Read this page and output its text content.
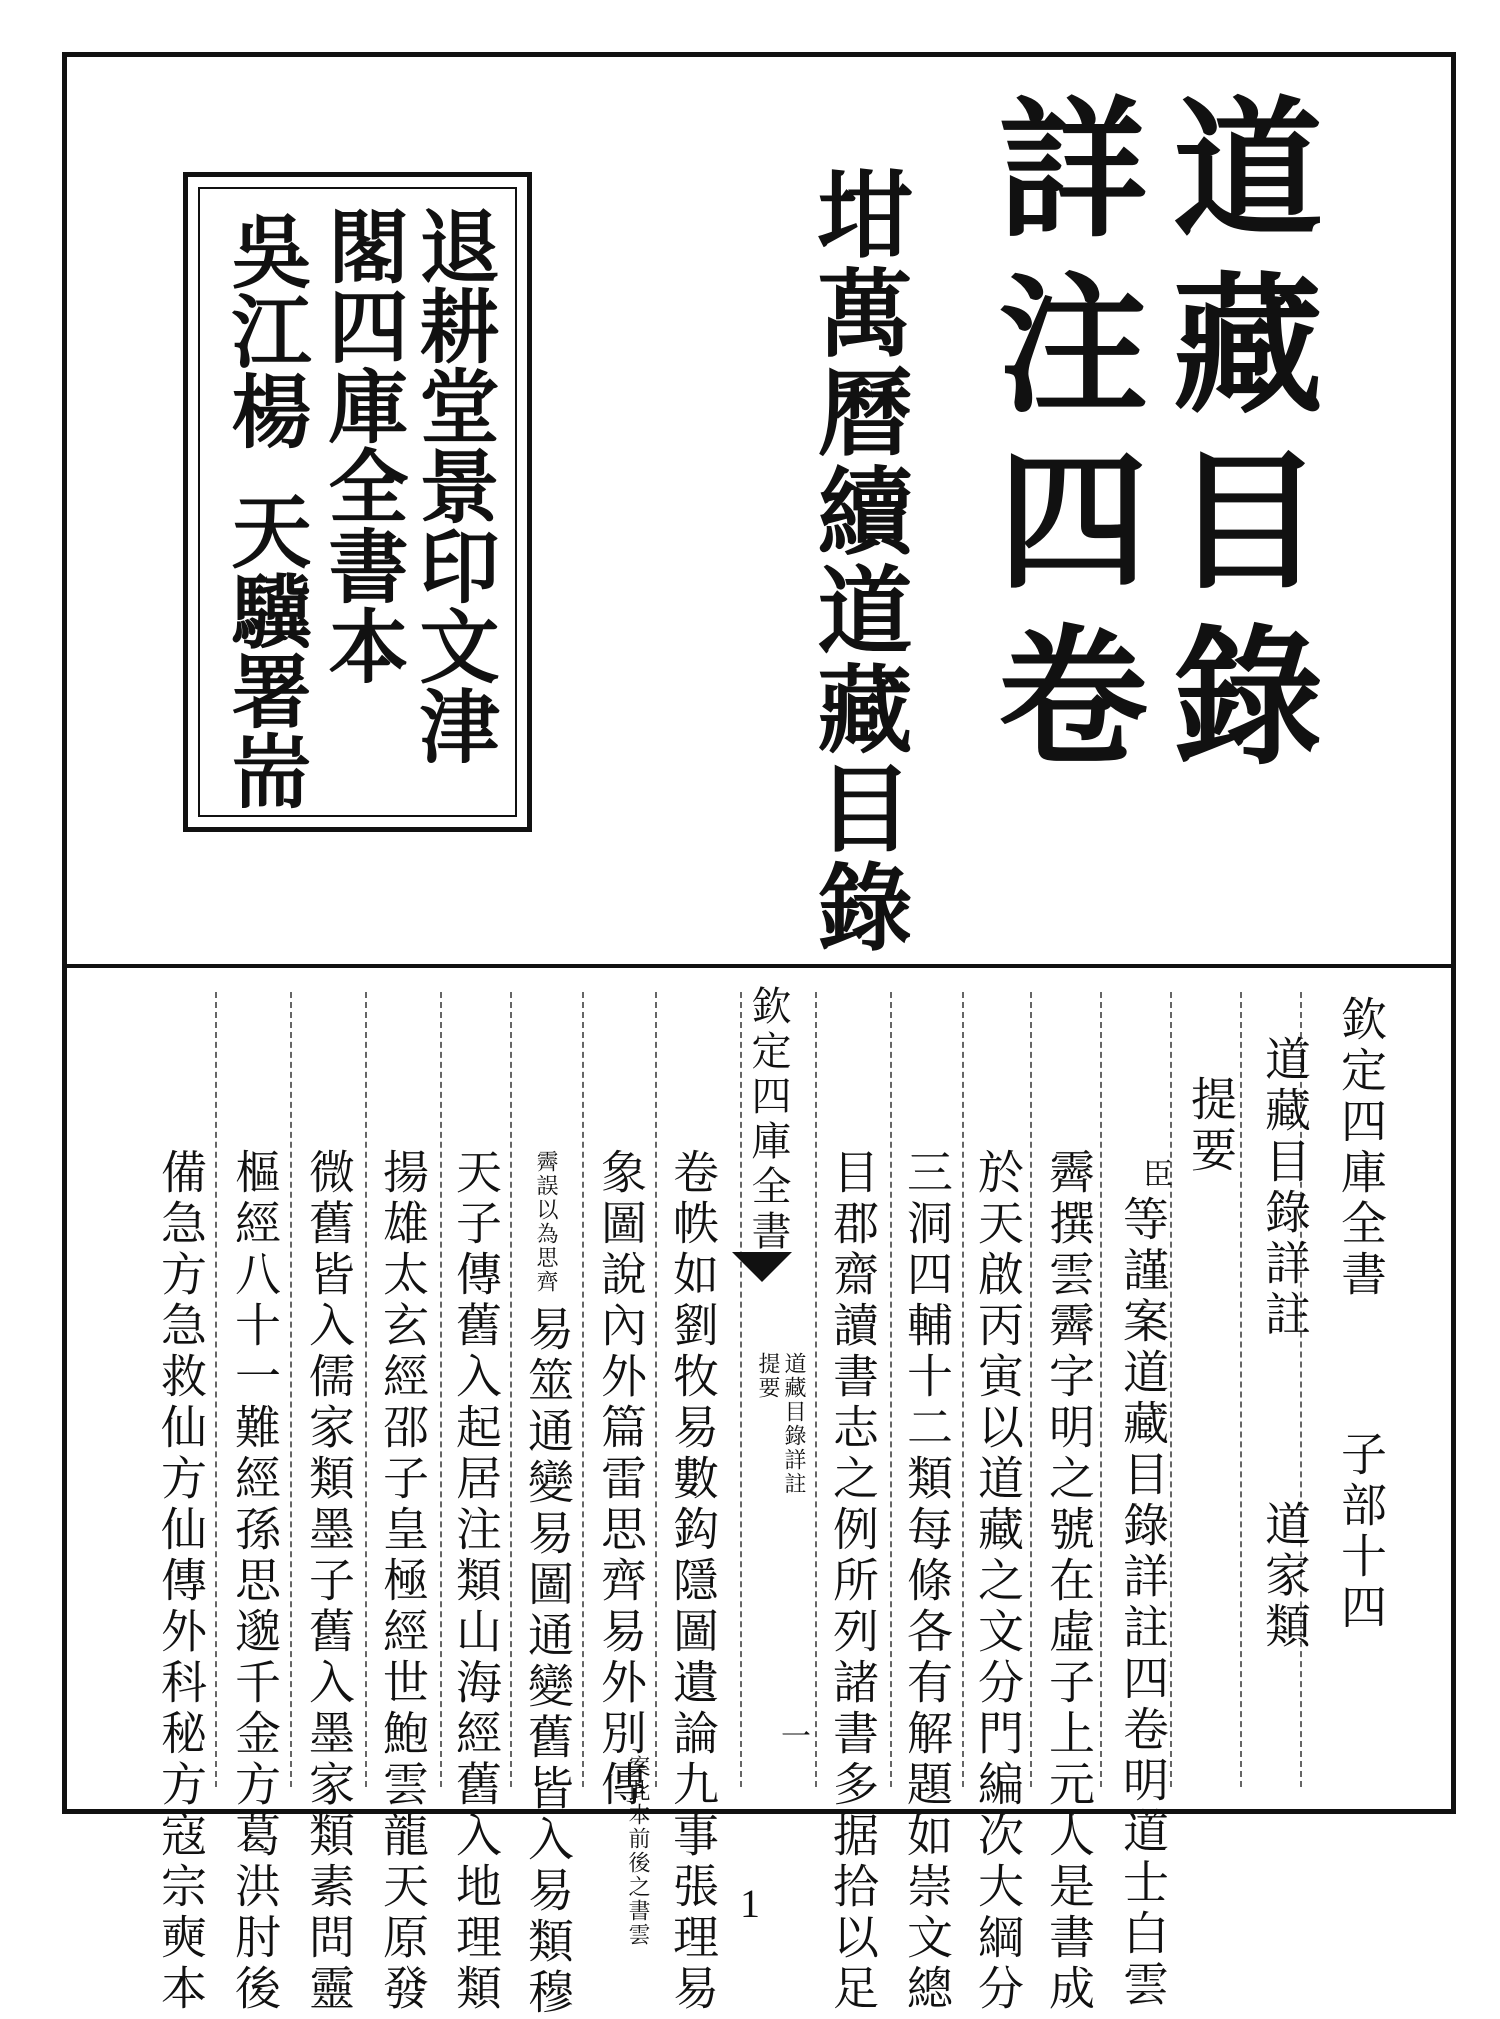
道藏目錄
詳注四卷
坩萬曆續道藏目錄
退耕堂景印文津
閣四庫全書本
吳江楊天驥署耑
欽定四庫全書
子部十四
道藏目錄詳註
道家類
提要
臣
等謹案道藏目錄詳註四卷明道士白雲
霽撰雲霽字明之號在虛子上元人是書成
於天啟丙寅以道藏之文分門編次大綱分
三洞四輔十二類每條各有解題如崇文總
目郡齋讀書志之例所列諸書多据拾以足
欽定四庫全書
道藏目錄詳註
提要
一
卷帙如劉牧易數鈎隱圖遺論九事張理易
象圖說內外篇雷思齊易外別傳
案此本前後之書雲
霽誤以為思齊
易筮通變易圖通變舊皆入易類穆
天子傳舊入起居注類山海經舊入地理類
揚雄太玄經邵子皇極經世鮑雲龍天原發
微舊皆入儒家類墨子舊入墨家類素問靈
樞經八十一難經孫思邈千金方葛洪肘後
備急方急救仙方仙傳外科秘方寇宗奭本	1
